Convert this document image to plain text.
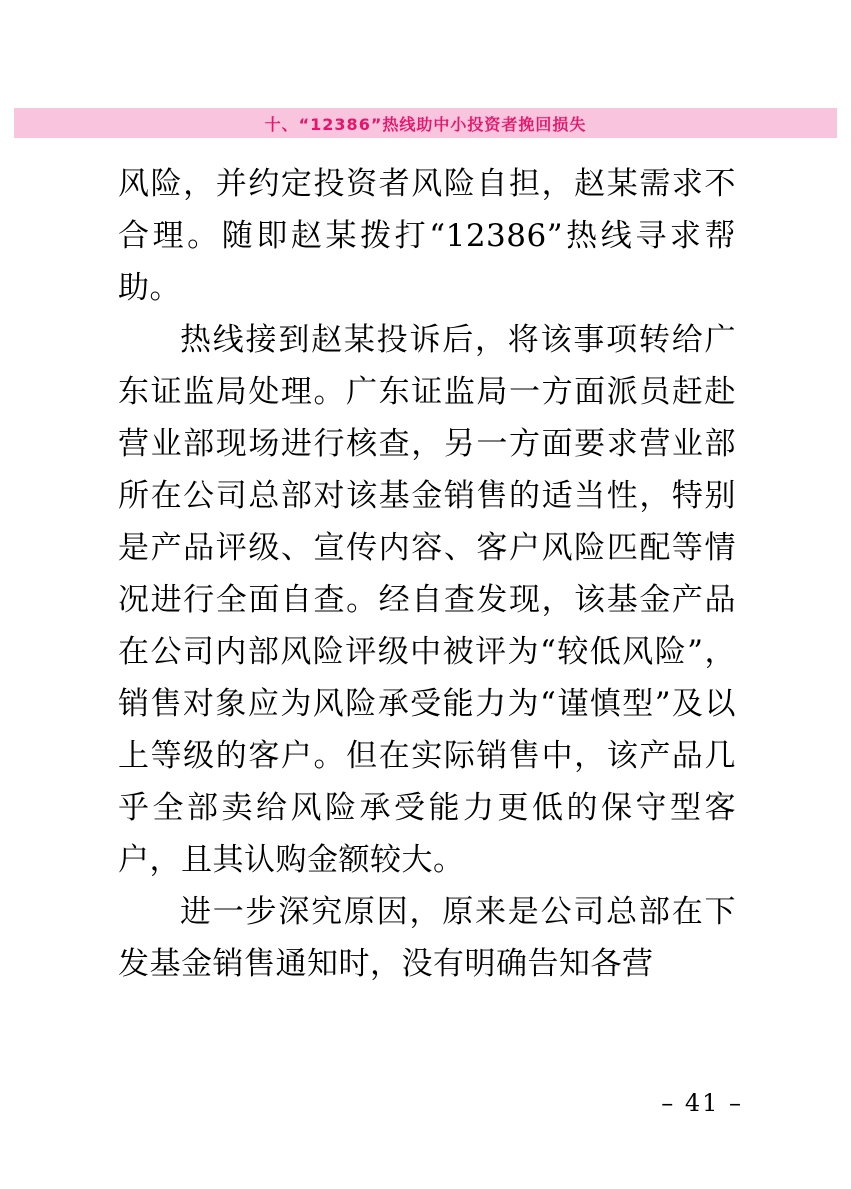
十、“12386”热线助中小投资者挽回损失

风险，并约定投资者风险自担，赵某需求不合理。随即赵某拨打“12386”热线寻求帮助。

热线接到赵某投诉后，将该事项转给广东证监局处理。广东证监局一方面派员赶赴营业部现场进行核查，另一方面要求营业部所在公司总部对该基金销售的适当性，特别是产品评级、宣传内容、客户风险匹配等情况进行全面自查。经自查发现，该基金产品在公司内部风险评级中被评为“较低风险”，销售对象应为风险承受能力为“谨慎型”及以上等级的客户。但在实际销售中，该产品几乎全部卖给风险承受能力更低的保守型客户，且其认购金额较大。

进一步深究原因，原来是公司总部在下发基金销售通知时，没有明确告知各营

– 41 –
